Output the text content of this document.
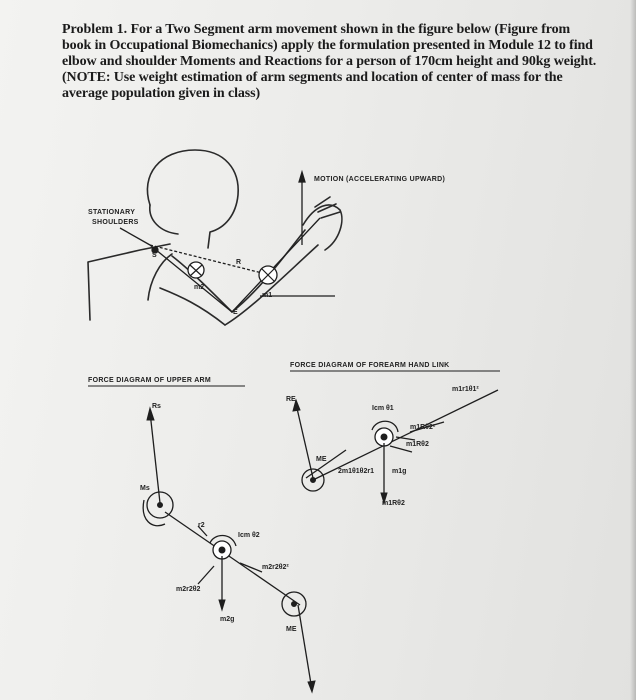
Problem 1. For a Two Segment arm movement shown in the figure below (Figure from book in Occupational Biomechanics) apply the formulation presented in Module 12 to find elbow and shoulder Moments and Reactions for a person of 170cm height and 90kg weight. (NOTE: Use weight estimation of arm segments and location of center of mass for the average population given in class)
MOTION (ACCELERATING UPWARD)
STATIONARY
SHOULDERS
S
E
R
m2
m1
FORCE DIAGRAM OF UPPER ARM
Rs
Ms
r2
Icm θ2
m2r2θ2²
m2r2θ2
m2g
ME
FORCE DIAGRAM OF FOREARM HAND LINK
RE
ME
Icm θ1
m1r1θ1²
m1Rθ2²
m1Rθ2
2m1θ1θ2r1	m1g
m1Rθ2
